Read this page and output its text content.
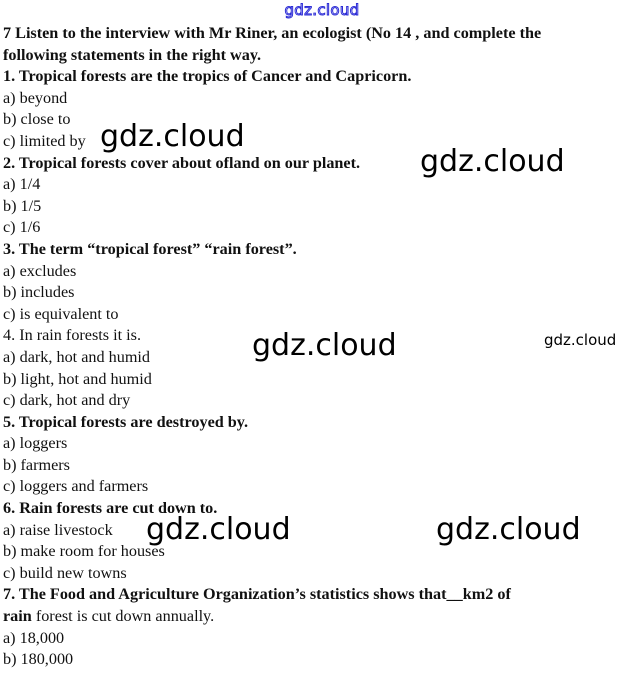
gdz.cloud

7 Listen to the interview with Mr Riner, an ecologist (No 14 , and complete the

following statements in the right way.

1. Tropical forests are the tropics of Cancer and Capricorn.

a) beyond

b) close to

c) limited by

2. Tropical forests cover about ofland on our planet.

a) 1/4

b) 1/5

c) 1/6

3. The term “tropical forest” “rain forest”.

a) excludes

b) includes

c) is equivalent to

4. In rain forests it is.

a) dark, hot and humid

b) light, hot and humid

c) dark, hot and dry

5. Tropical forests are destroyed by.

a) loggers

b) farmers

c) loggers and farmers

6. Rain forests are cut down to.

a) raise livestock

b) make room for houses

c) build new towns

7. The Food and Agriculture Organization’s statistics shows that__km2 of

rain forest is cut down annually.

a) 18,000

b) 180,000

gdz.cloud
gdz.cloud
gdz.cloud	gdz.cloud
gdz.cloud	gdz.cloud
